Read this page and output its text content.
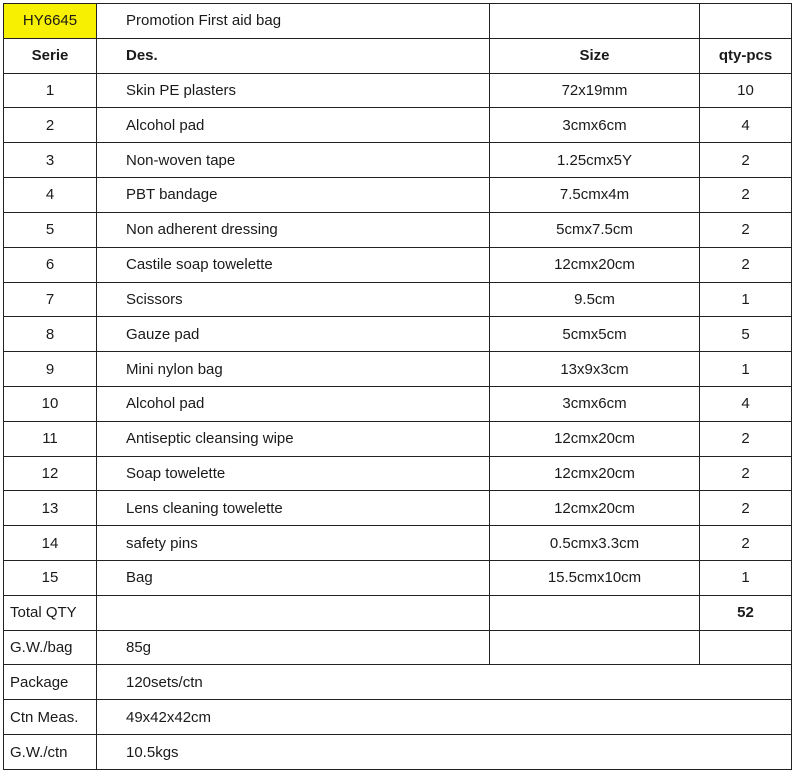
HY6645	Promotion First aid bag		
Serie	Des.	Size	qty-pcs
1	Skin PE plasters	72x19mm	10
2	Alcohol pad	3cmx6cm	4
3	Non-woven tape	1.25cmx5Y	2
4	PBT bandage	7.5cmx4m	2
5	Non adherent dressing	5cmx7.5cm	2
6	Castile soap towelette	12cmx20cm	2
7	Scissors	9.5cm	1
8	Gauze pad	5cmx5cm	5
9	Mini nylon bag	13x9x3cm	1
10	Alcohol pad	3cmx6cm	4
11	Antiseptic cleansing wipe	12cmx20cm	2
12	Soap towelette	12cmx20cm	2
13	Lens cleaning towelette	12cmx20cm	2
14	safety pins	0.5cmx3.3cm	2
15	Bag	15.5cmx10cm	1
Total QTY			52
G.W./bag	85g		
Package	120sets/ctn		
Ctn Meas.	49x42x42cm		
G.W./ctn	10.5kgs		
